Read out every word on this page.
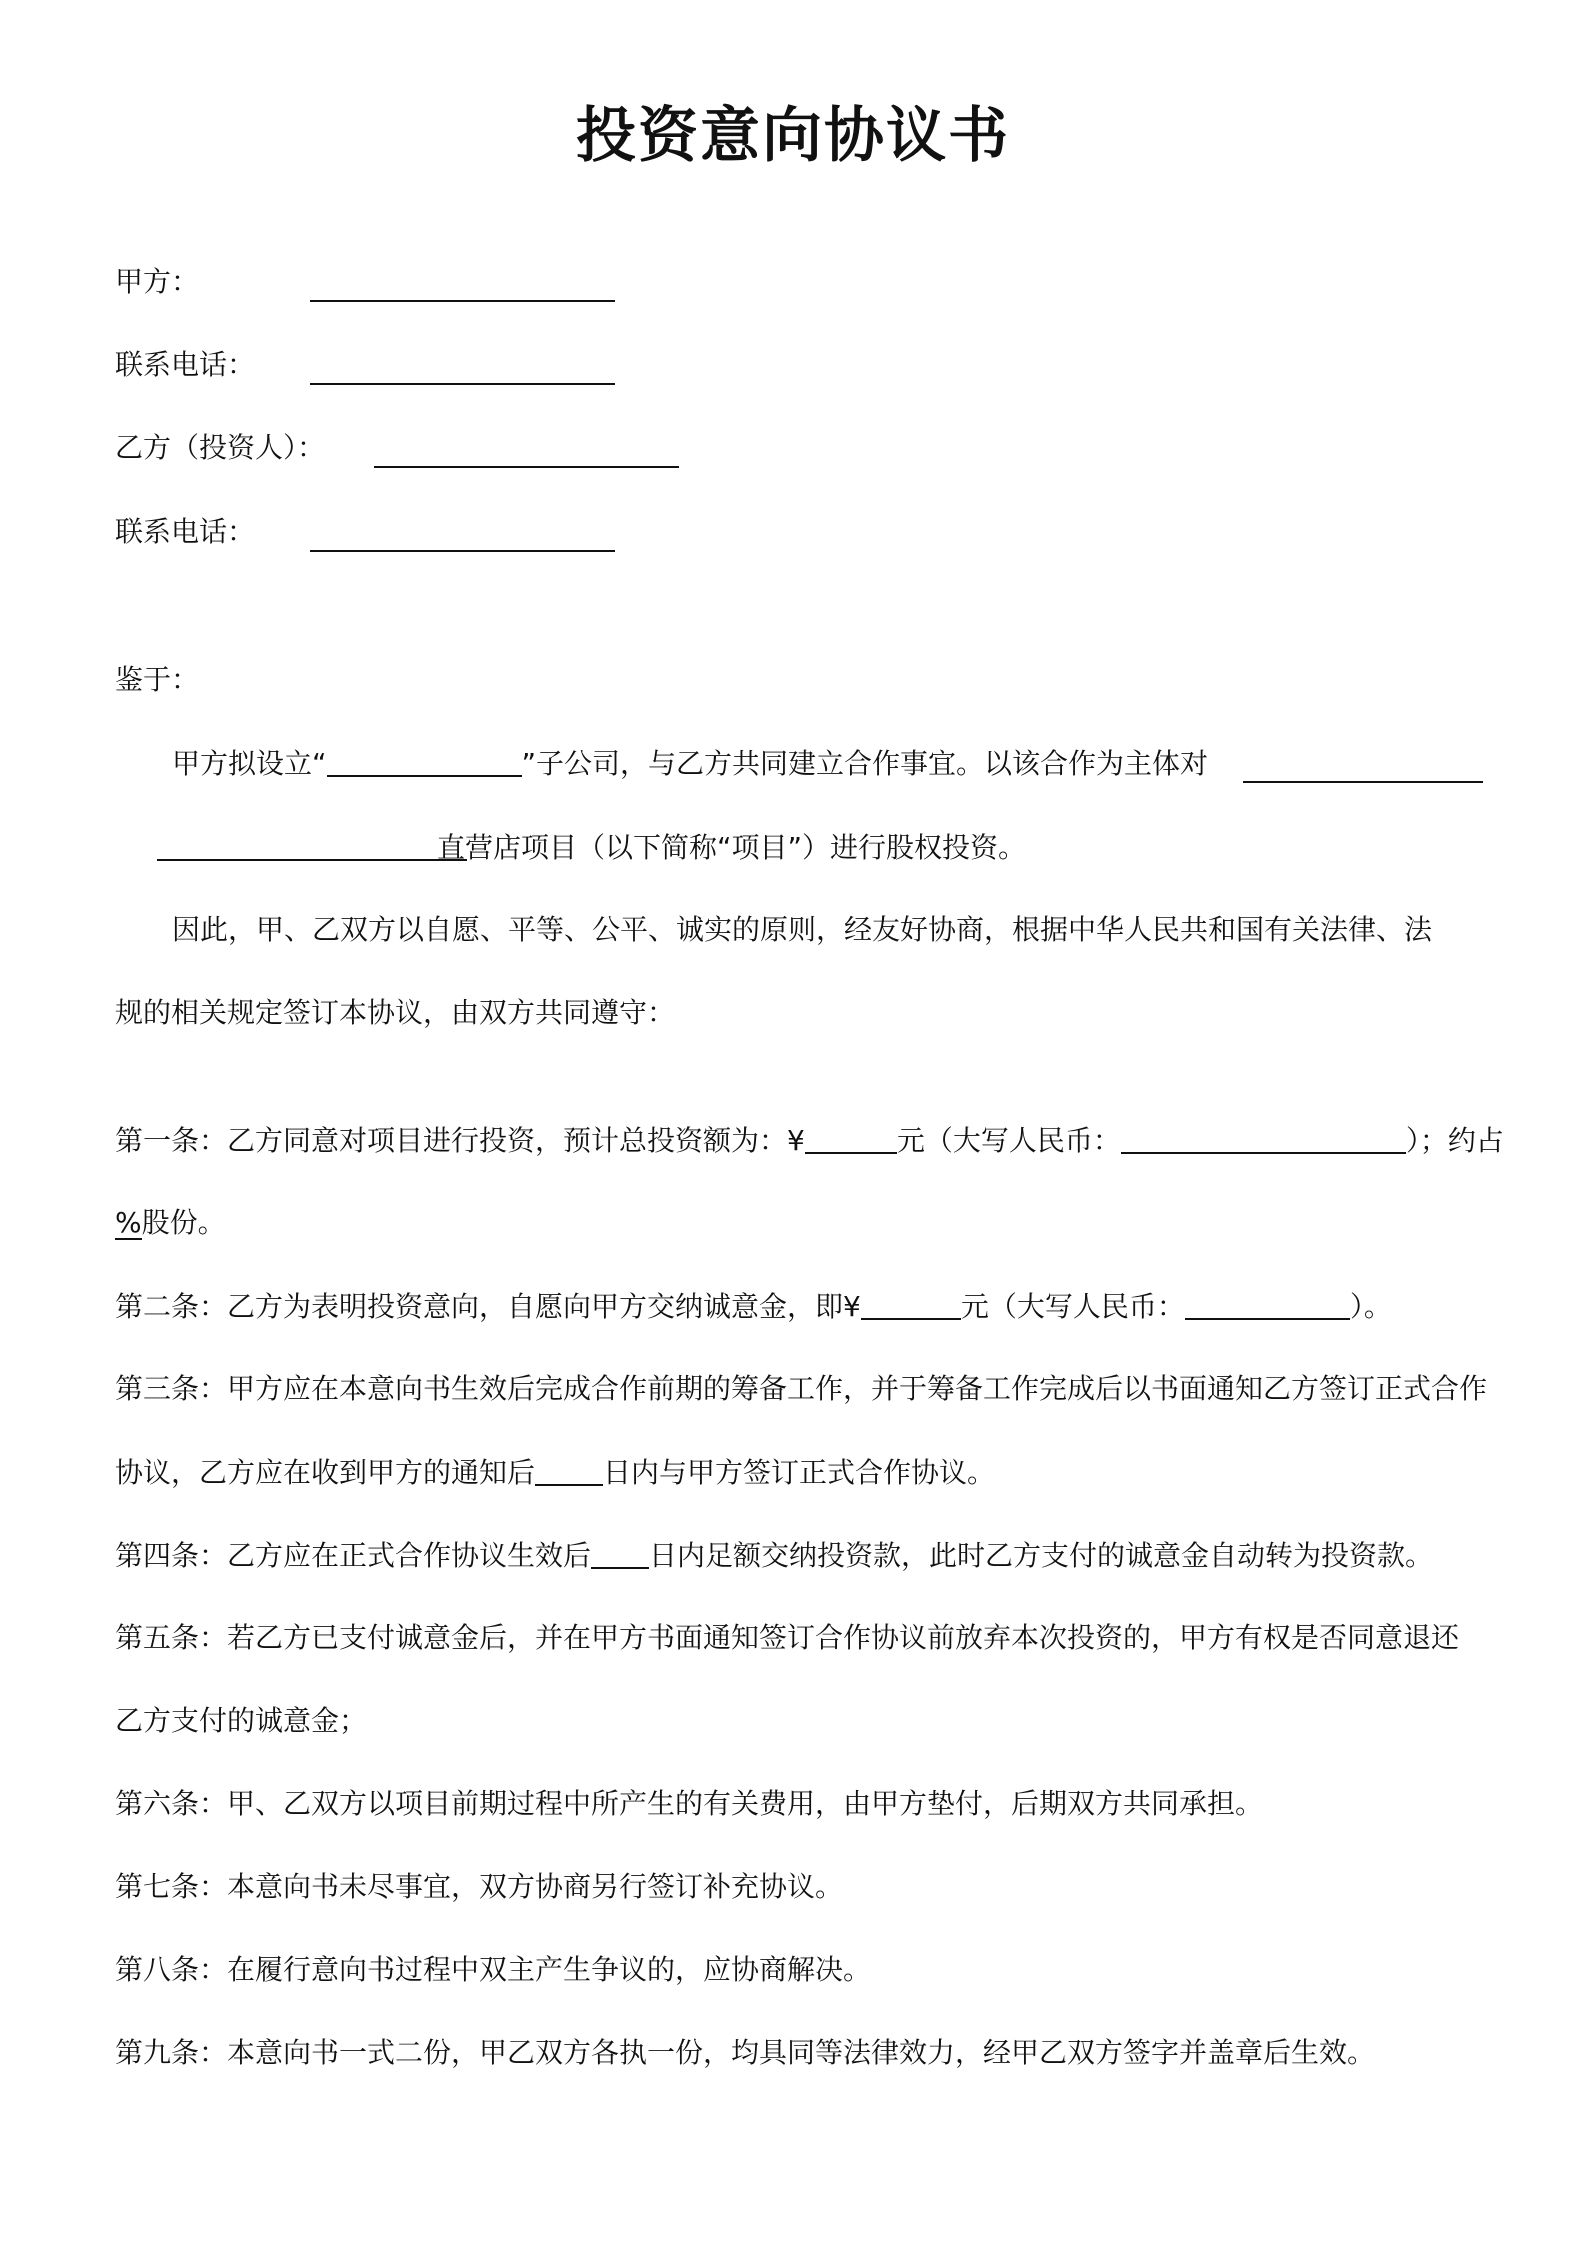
投资意向协议书
甲方：
联系电话：
乙方（投资人）：
联系电话：
鉴于：
甲方拟设立“	”子公司，与乙方共同建立合作事宜。以该合作为主体对
直营店项目（以下简称“项目”）进行股权投资。
因此，甲、乙双方以自愿、平等、公平、诚实的原则，经友好协商，根据中华人民共和国有关法律、法
规的相关规定签订本协议，由双方共同遵守：
第一条：乙方同意对项目进行投资，预计总投资额为：¥	元（大写人民币：	）；约占
%股份。
第二条：乙方为表明投资意向，自愿向甲方交纳诚意金，即¥	元（大写人民币：	）。
第三条：甲方应在本意向书生效后完成合作前期的筹备工作，并于筹备工作完成后以书面通知乙方签订正式合作
协议，乙方应在收到甲方的通知后 日内与甲方签订正式合作协议。
第四条：乙方应在正式合作协议生效后 日内足额交纳投资款，此时乙方支付的诚意金自动转为投资款。
第五条：若乙方已支付诚意金后，并在甲方书面通知签订合作协议前放弃本次投资的，甲方有权是否同意退还
乙方支付的诚意金；
第六条：甲、乙双方以项目前期过程中所产生的有关费用，由甲方垫付，后期双方共同承担。
第七条：本意向书未尽事宜，双方协商另行签订补充协议。
第八条：在履行意向书过程中双主产生争议的，应协商解决。
第九条：本意向书一式二份，甲乙双方各执一份，均具同等法律效力，经甲乙双方签字并盖章后生效。
